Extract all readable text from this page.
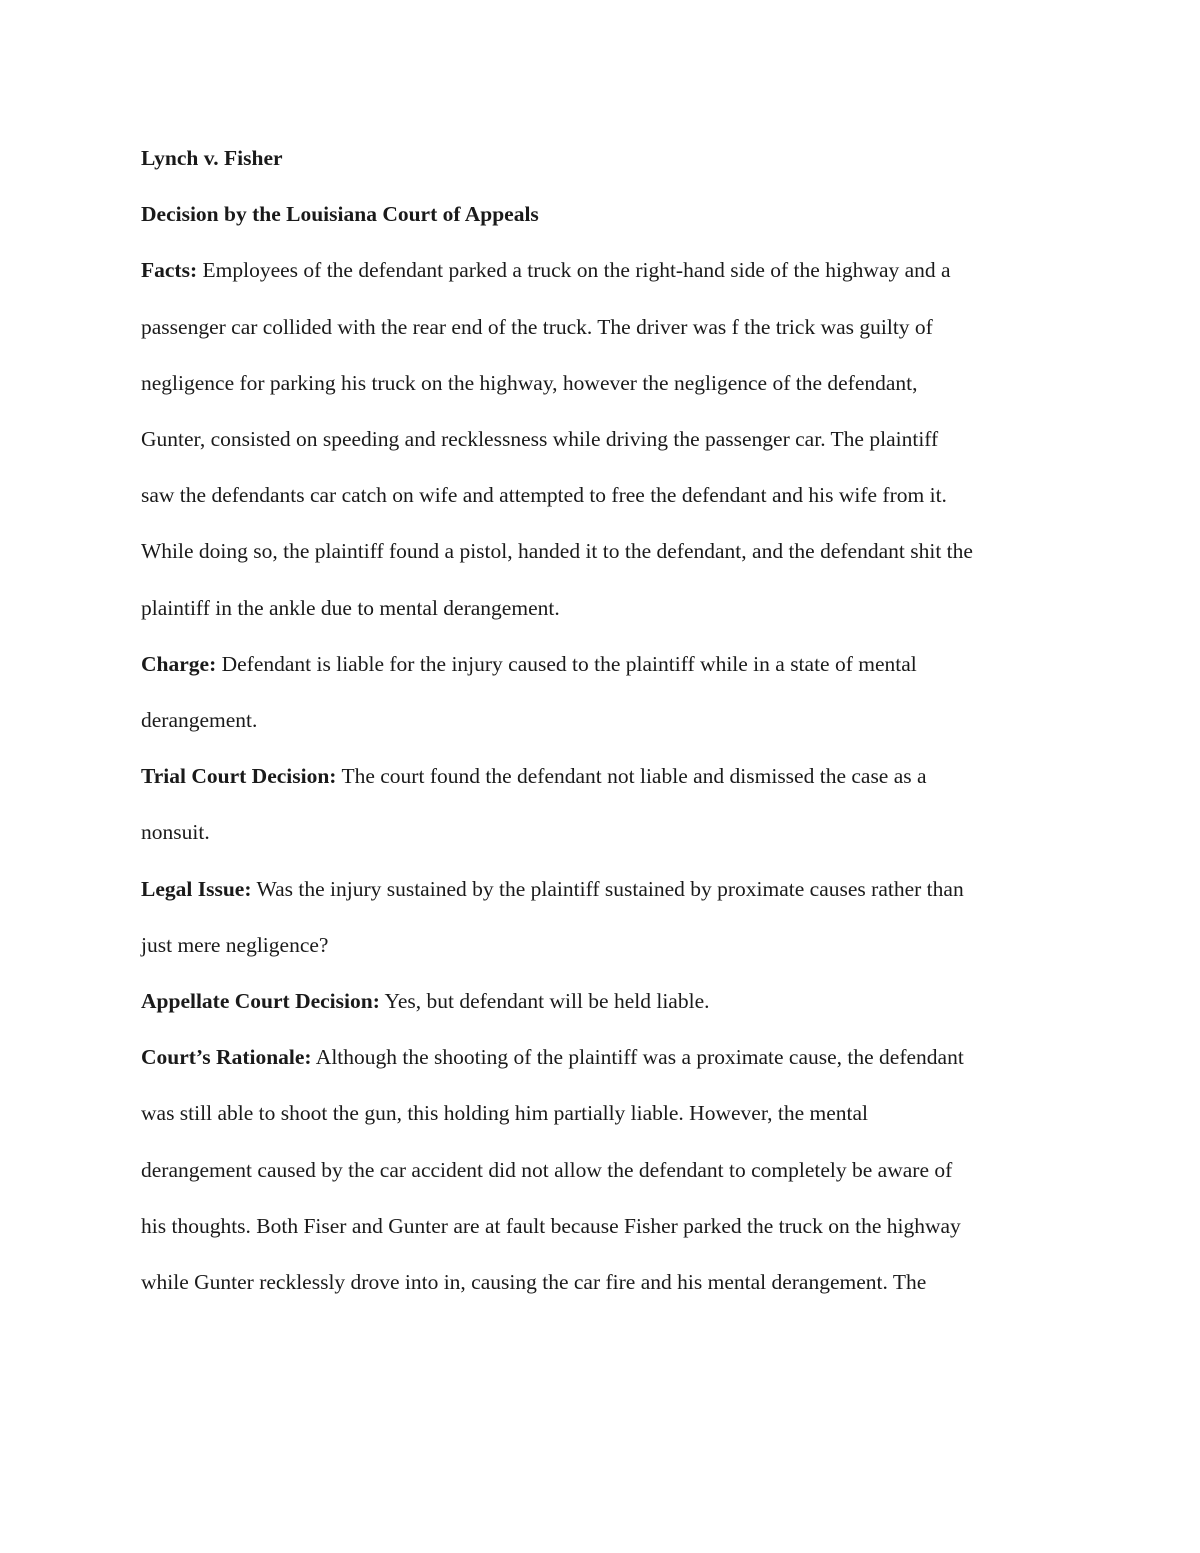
Lynch v. Fisher

Decision by the Louisiana Court of Appeals

Facts: Employees of the defendant parked a truck on the right-hand side of the highway and a
passenger car collided with the rear end of the truck. The driver was f the trick was guilty of
negligence for parking his truck on the highway, however the negligence of the defendant,
Gunter, consisted on speeding and recklessness while driving the passenger car. The plaintiff
saw the defendants car catch on wife and attempted to free the defendant and his wife from it.
While doing so, the plaintiff found a pistol, handed it to the defendant, and the defendant shit the
plaintiff in the ankle due to mental derangement.
Charge: Defendant is liable for the injury caused to the plaintiff while in a state of mental
derangement.
Trial Court Decision: The court found the defendant not liable and dismissed the case as a
nonsuit.
Legal Issue: Was the injury sustained by the plaintiff sustained by proximate causes rather than
just mere negligence?
Appellate Court Decision: Yes, but defendant will be held liable.
Court’s Rationale: Although the shooting of the plaintiff was a proximate cause, the defendant
was still able to shoot the gun, this holding him partially liable. However, the mental
derangement caused by the car accident did not allow the defendant to completely be aware of
his thoughts. Both Fiser and Gunter are at fault because Fisher parked the truck on the highway
while Gunter recklessly drove into in, causing the car fire and his mental derangement. The
